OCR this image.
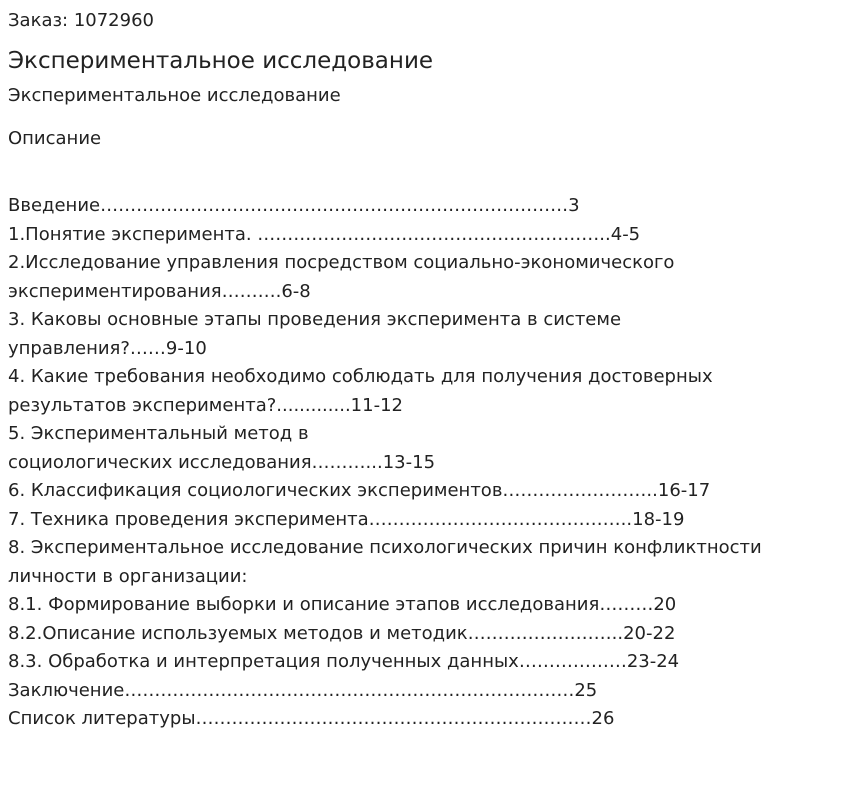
Заказ: 1072960

Экспериментальное исследование

Экспериментальное исследование

Описание

Введение……………………………………………………………………3
1.Понятие эксперимента. …………………………………………………..4-5
2.Исследование управления посредством социально-экономического
экспериментирования……….6-8
3. Каковы основные этапы проведения эксперимента в системе
управления?……9-10
4. Какие требования необходимо соблюдать для получения достоверных
результатов эксперимента?.............11-12
5. Экспериментальный метод в
социологических исследования………...13-15
6. Классификация социологических экспериментов……………………..16-17
7. Техника проведения эксперимента……………………………………..18-19
8. Экспериментальное исследование психологических причин конфликтности
личности в организации:
8.1. Формирование выборки и описание этапов исследования………20
8.2.Описание используемых методов и методик……………………..20-22
8.3. Обработка и интерпретация полученных данных………………23-24
Заключение…………………………………………………………………25
Список литературы…………………………………………………………26
